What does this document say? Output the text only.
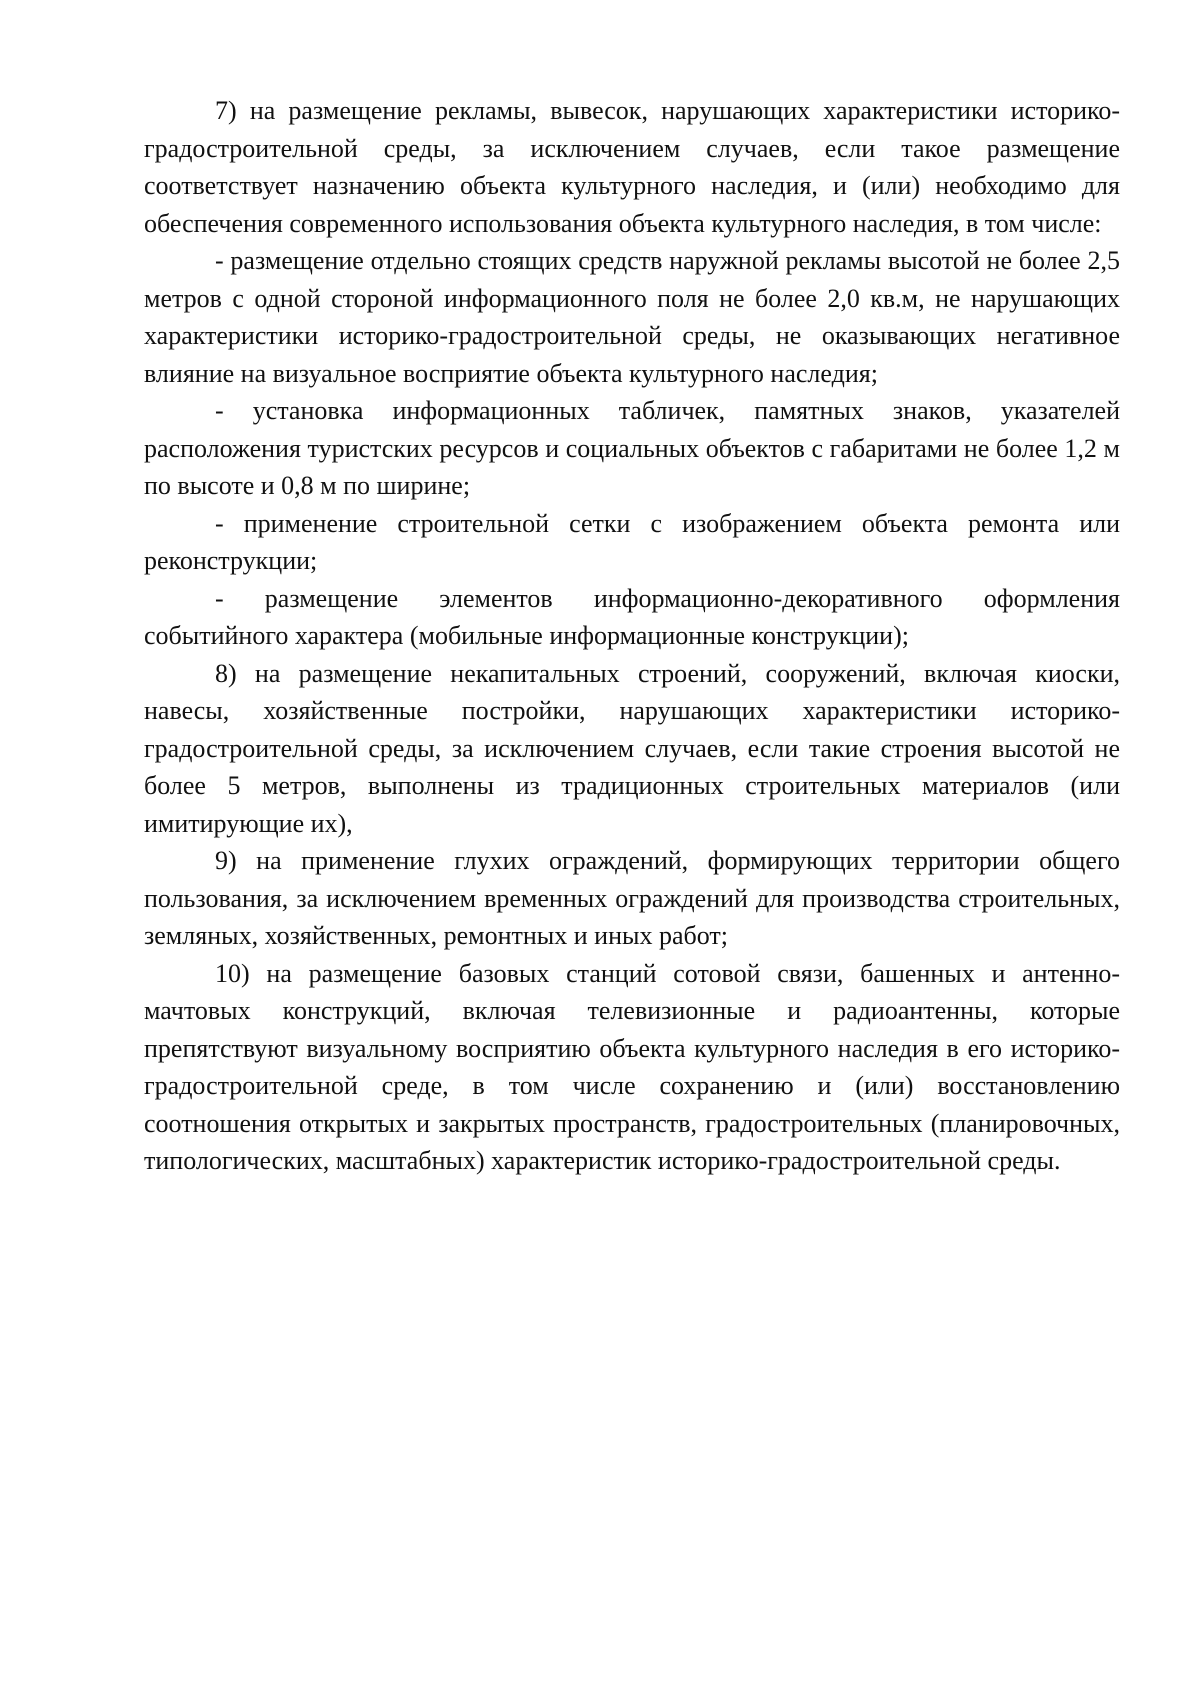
7) на размещение рекламы, вывесок, нарушающих характеристики историко-градостроительной среды, за исключением случаев, если такое размещение соответствует назначению объекта культурного наследия, и (или) необходимо для обеспечения современного использования объекта культурного наследия, в том числе:

- размещение отдельно стоящих средств наружной рекламы высотой не более 2,5 метров с одной стороной информационного поля не более 2,0 кв.м, не нарушающих характеристики историко-градостроительной среды, не оказывающих негативное влияние на визуальное восприятие объекта культурного наследия;

- установка информационных табличек, памятных знаков, указателей расположения туристских ресурсов и социальных объектов с габаритами не более 1,2 м по высоте и 0,8 м по ширине;

- применение строительной сетки с изображением объекта ремонта или реконструкции;

- размещение элементов информационно-декоративного оформления событийного характера (мобильные информационные конструкции);

8) на размещение некапитальных строений, сооружений, включая киоски, навесы, хозяйственные постройки, нарушающих характеристики историко-градостроительной среды, за исключением случаев, если такие строения высотой не более 5 метров, выполнены из традиционных строительных материалов (или имитирующие их),

9) на применение глухих ограждений, формирующих территории общего пользования, за исключением временных ограждений для производства строительных, земляных, хозяйственных, ремонтных и иных работ;

10) на размещение базовых станций сотовой связи, башенных и антенно-мачтовых конструкций, включая телевизионные и радиоантенны, которые препятствуют визуальному восприятию объекта культурного наследия в его историко-градостроительной среде, в том числе сохранению и (или) восстановлению соотношения открытых и закрытых пространств, градостроительных (планировочных, типологических, масштабных) характеристик историко-градостроительной среды.
